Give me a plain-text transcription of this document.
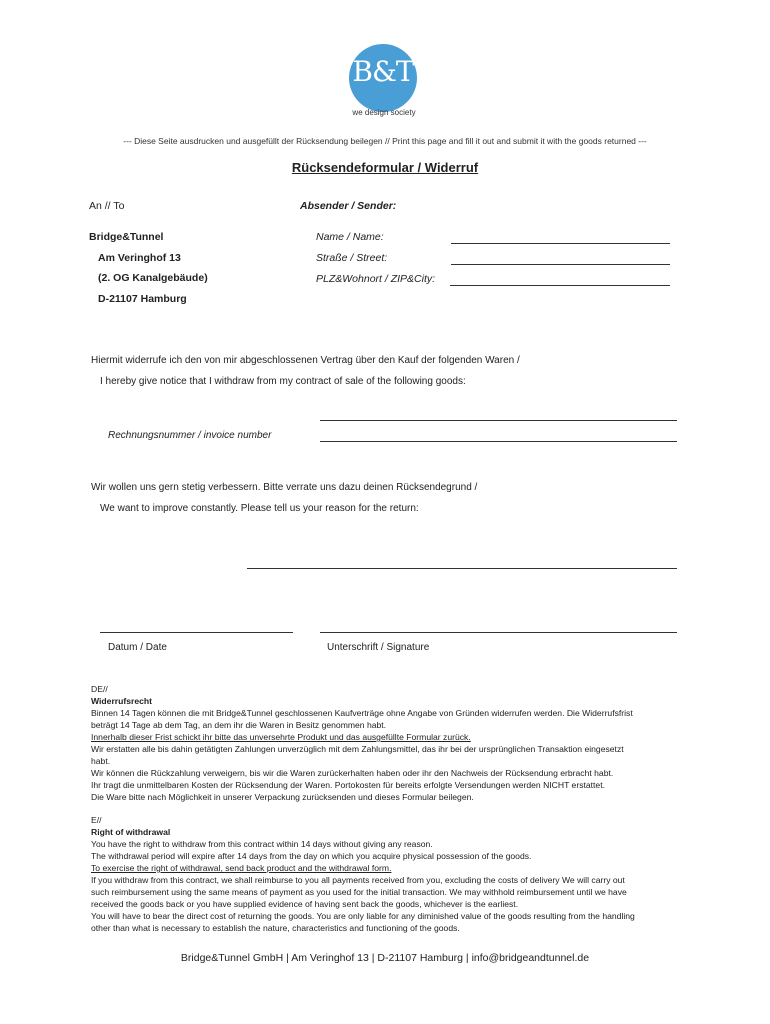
B&T
we design society
--- Diese Seite ausdrucken und ausgefüllt der Rücksendung beilegen // Print this page and fill it out and submit it with the goods returned ---
Rücksendeformular / Widerruf
An // To	Absender / Sender:
Bridge&Tunnel
Am Veringhof 13
(2. OG Kanalgebäude)
D-21107 Hamburg
Name / Name:
Straße / Street:
PLZ&Wohnort / ZIP&City:
Hiermit widerrufe ich den von mir abgeschlossenen Vertrag über den Kauf der folgenden Waren /
I hereby give notice that I withdraw from my contract of sale of the following goods:
Rechnungsnummer / invoice number
Wir wollen uns gern stetig verbessern. Bitte verrate uns dazu deinen Rücksendegrund /
We want to improve constantly. Please tell us your reason for the return:
Datum / Date	Unterschrift / Signature
DE//
Widerrufsrecht
Binnen 14 Tagen können die mit Bridge&Tunnel geschlossenen Kaufverträge ohne Angabe von Gründen widerrufen werden. Die Widerrufsfrist
beträgt 14 Tage ab dem Tag, an dem ihr die Waren in Besitz genommen habt.
Innerhalb dieser Frist schickt ihr bitte das unversehrte Produkt und das ausgefüllte Formular zurück.
Wir erstatten alle bis dahin getätigten Zahlungen unverzüglich mit dem Zahlungsmittel, das ihr bei der ursprünglichen Transaktion eingesetzt
habt.
Wir können die Rückzahlung verweigern, bis wir die Waren zurückerhalten haben oder ihr den Nachweis der Rücksendung erbracht habt.
Ihr tragt die unmittelbaren Kosten der Rücksendung der Waren. Portokosten für bereits erfolgte Versendungen werden NICHT erstattet.
Die Ware bitte nach Möglichkeit in unserer Verpackung zurücksenden und dieses Formular beilegen.
E//
Right of withdrawal
You have the right to withdraw from this contract within 14 days without giving any reason.
The withdrawal period will expire after 14 days from the day on which you acquire physical possession of the goods.
To exercise the right of withdrawal, send back product and the withdrawal form.
If you withdraw from this contract, we shall reimburse to you all payments received from you, excluding the costs of delivery We will carry out
such reimbursement using the same means of payment as you used for the initial transaction. We may withhold reimbursement until we have
received the goods back or you have supplied evidence of having sent back the goods, whichever is the earliest.
You will have to bear the direct cost of returning the goods. You are only liable for any diminished value of the goods resulting from the handling
other than what is necessary to establish the nature, characteristics and functioning of the goods.
Bridge&Tunnel GmbH | Am Veringhof 13 | D-21107 Hamburg | info@bridgeandtunnel.de
